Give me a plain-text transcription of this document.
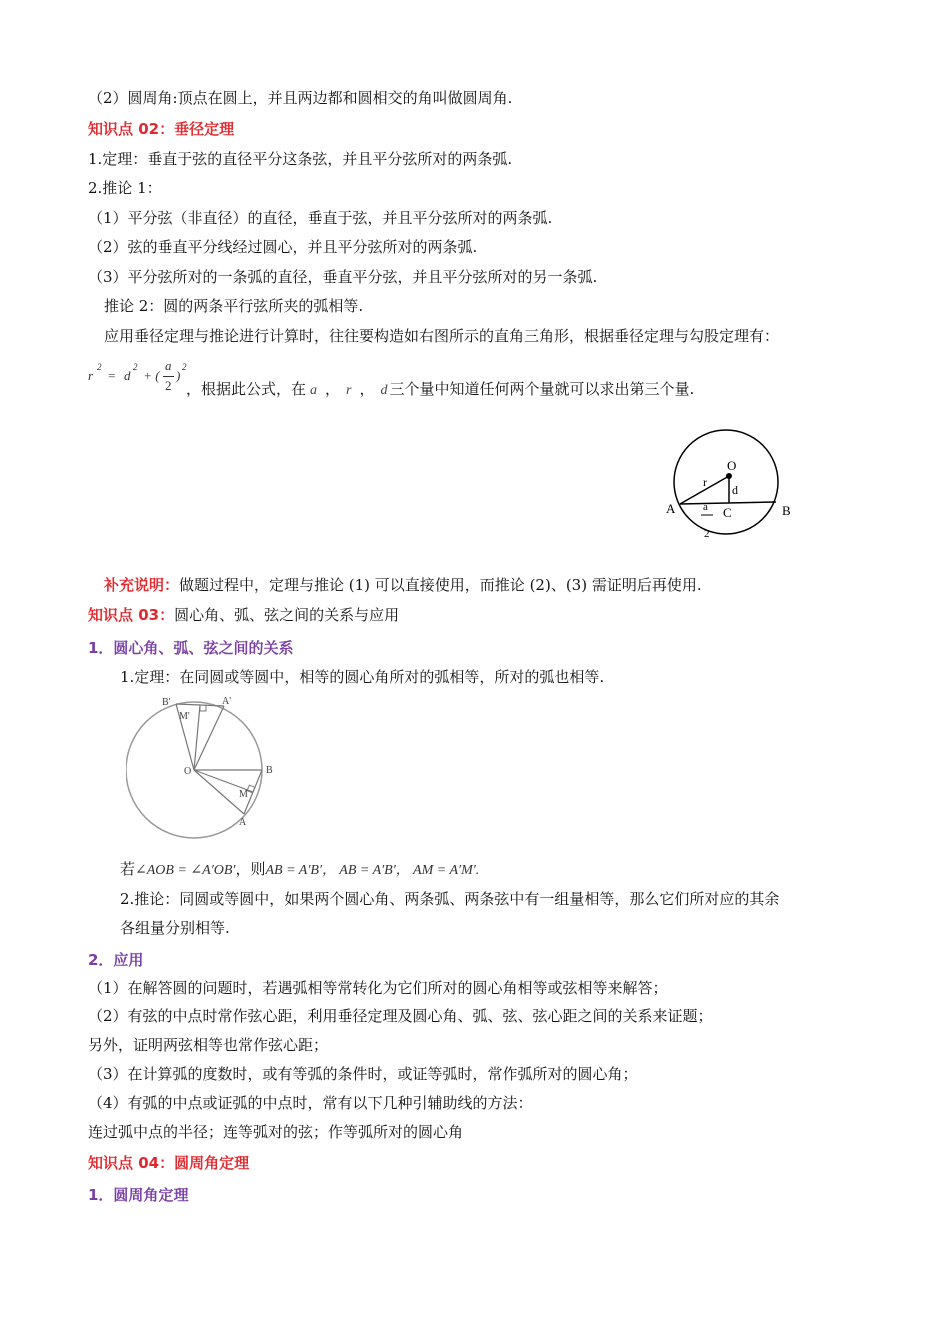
（2）圆周角:顶点在圆上，并且两边都和圆相交的角叫做圆周角.
知识点 02：垂径定理
1.定理：垂直于弦的直径平分这条弦，并且平分弦所对的两条弧.
2.推论 1：
（1）平分弦（非直径）的直径，垂直于弦，并且平分弦所对的两条弧.
（2）弦的垂直平分线经过圆心，并且平分弦所对的两条弧.
（3）平分弦所对的一条弧的直径，垂直平分弦，并且平分弦所对的另一条弧.
推论 2：圆的两条平行弦所夹的弧相等.
应用垂径定理与推论进行计算时，往往要构造如右图所示的直角三角形，根据垂径定理与勾股定理有：
r
2
= d
2
+ (
a
2
)
2
，根据此公式，在 a ， r ， d 三个量中知道任何两个量就可以求出第三个量.
O
r
d
A	C	B
a
2
补充说明：做题过程中，定理与推论 (1) 可以直接使用，而推论 (2)、(3) 需证明后再使用.
知识点 03：圆心角、弧、弦之间的关系与应用
1．圆心角、弧、弦之间的关系
1.定理：在同圆或等圆中，相等的圆心角所对的弧相等，所对的弧也相等.
B'
M'
A'
O	B
M
A
若∠AOB = ∠A′OB′，则AB = A′B′， AB = A′B′， AM = A′M′.
2.推论：同圆或等圆中，如果两个圆心角、两条弧、两条弦中有一组量相等，那么它们所对应的其余
各组量分别相等.
2．应用
（1）在解答圆的问题时，若遇弧相等常转化为它们所对的圆心角相等或弦相等来解答；
（2）有弦的中点时常作弦心距，利用垂径定理及圆心角、弧、弦、弦心距之间的关系来证题；
另外，证明两弦相等也常作弦心距；
（3）在计算弧的度数时，或有等弧的条件时，或证等弧时，常作弧所对的圆心角；
（4）有弧的中点或证弧的中点时，常有以下几种引辅助线的方法：
连过弧中点的半径；连等弧对的弦；作等弧所对的圆心角
知识点 04：圆周角定理
1．圆周角定理
